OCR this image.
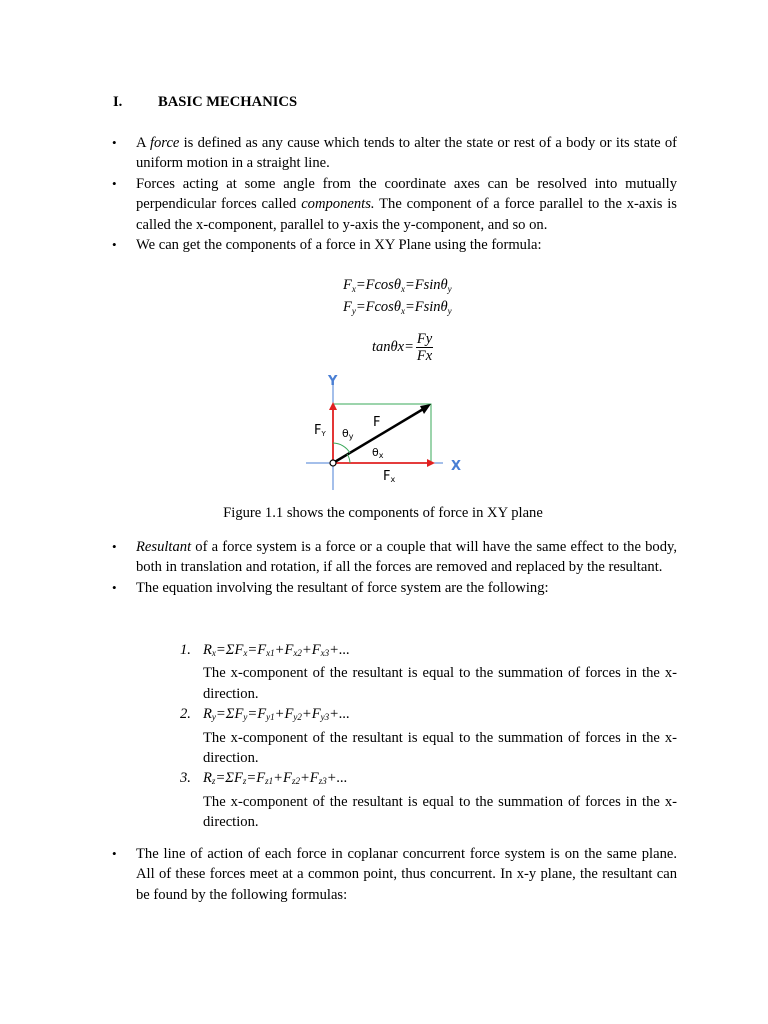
I. BASIC MECHANICS
• A force is defined as any cause which tends to alter the state or rest of a body or its state of uniform motion in a straight line.
• Forces acting at some angle from the coordinate axes can be resolved into mutually perpendicular forces called components. The component of a force parallel to the x-axis is called the x-component, parallel to y-axis the y-component, and so on.
• We can get the components of a force in XY Plane using the formula:
$F_x=Fcos\theta_x=Fsin\theta_y$
$F_y=Fcos\theta_x=Fsin\theta_y$
$\tan\theta x= \frac{Fy}{Fx}$
Y
X
F
FY
Fx
θy
θx
Figure 1.1 shows the components of force in XY plane
• Resultant of a force system is a force or a couple that will have the same effect to the body, both in translation and rotation, if all the forces are removed and replaced by the resultant.
• The equation involving the resultant of force system are the following:
1. $R_x=\Sigma F_x=F_{x1}+F_{x2}+F_{x3}+$...
The x-component of the resultant is equal to the summation of forces in the x-direction.
2. $R_y=\Sigma F_y=F_{y1}+F_{y2}+F_{y3}+$...
The x-component of the resultant is equal to the summation of forces in the x-direction.
3. $R_z=\Sigma F_z=F_{z1}+F_{z2}+F_{z3}+$...
The x-component of the resultant is equal to the summation of forces in the x-direction.
• The line of action of each force in coplanar concurrent force system is on the same plane. All of these forces meet at a common point, thus concurrent. In x-y plane, the resultant can be found by the following formulas:
